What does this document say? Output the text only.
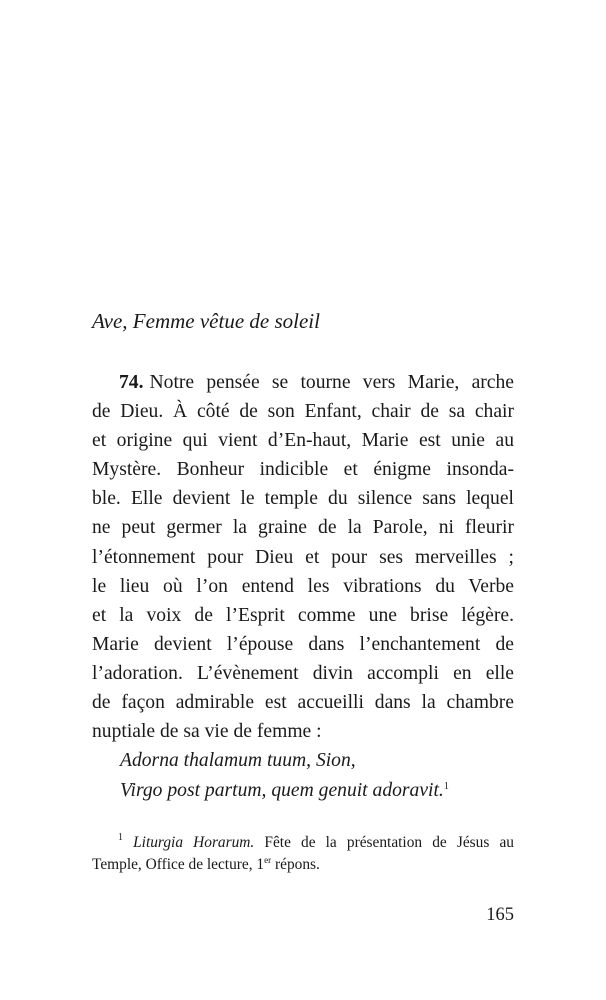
Ave, Femme vêtue de soleil
74. Notre pensée se tourne vers Marie, arche
de Dieu. À côté de son Enfant, chair de sa chair
et origine qui vient d’En-haut, Marie est unie au
Mystère. Bonheur indicible et énigme insonda-
ble. Elle devient le temple du silence sans lequel
ne peut germer la graine de la Parole, ni fleurir
l’étonnement pour Dieu et pour ses merveilles ;
le lieu où l’on entend les vibrations du Verbe
et la voix de l’Esprit comme une brise légère.
Marie devient l’épouse dans l’enchantement de
l’adoration. L’évènement divin accompli en elle
de façon admirable est accueilli dans la chambre
nuptiale de sa vie de femme :
Adorna thalamum tuum, Sion,
Virgo post partum, quem genuit adoravit.$^1$
$^1$ Liturgia Horarum. Fête de la présentation de Jésus au
Temple, Office de lecture, 1er répons.
165
